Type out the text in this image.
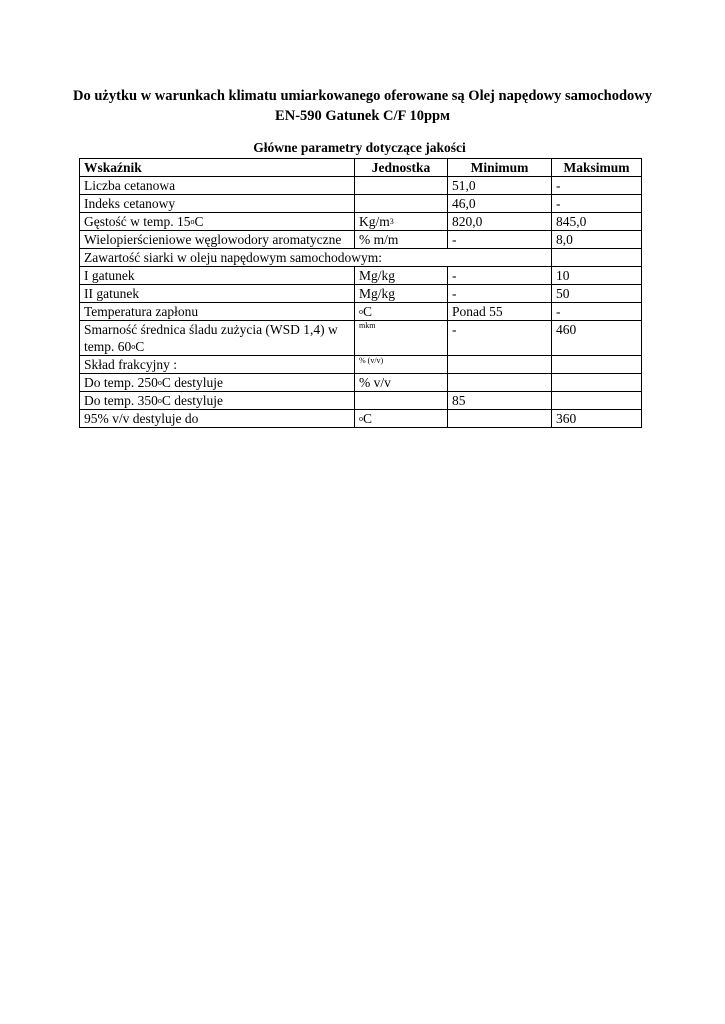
Do użytku w warunkach klimatu umiarkowanego oferowane są Olej napędowy samochodowy EN-590 Gatunek C/F 10ppм
Główne parametry dotyczące jakości
Wskaźnik	Jednostka	Minimum	Maksimum
Liczba cetanowa		51,0	-
Indeks cetanowy		46,0	-
Gęstość w temp. 15$^o$C	$Kg/m^3$	820,0	845,0
Wielopierścieniowe węglowodory aromatyczne	% m/m	-	8,0
Zawartość siarki w oleju napędowym samochodowym:			
I gatunek	Mg/kg	-	10
II gatunek	Mg/kg	-	50
Temperatura zapłonu	$^o$C	Ponad 55	-
Smarność średnica śladu zużycia (WSD 1,4) w
temp. 60$^o$C	mkm	-	460
Skład frakcyjny :	% (v/v)		
Do temp. 250$^o$C destyluje	% v/v		
Do temp. 350$^o$C destyluje		85	
95% v/v destyluje do	$^o$C		360
